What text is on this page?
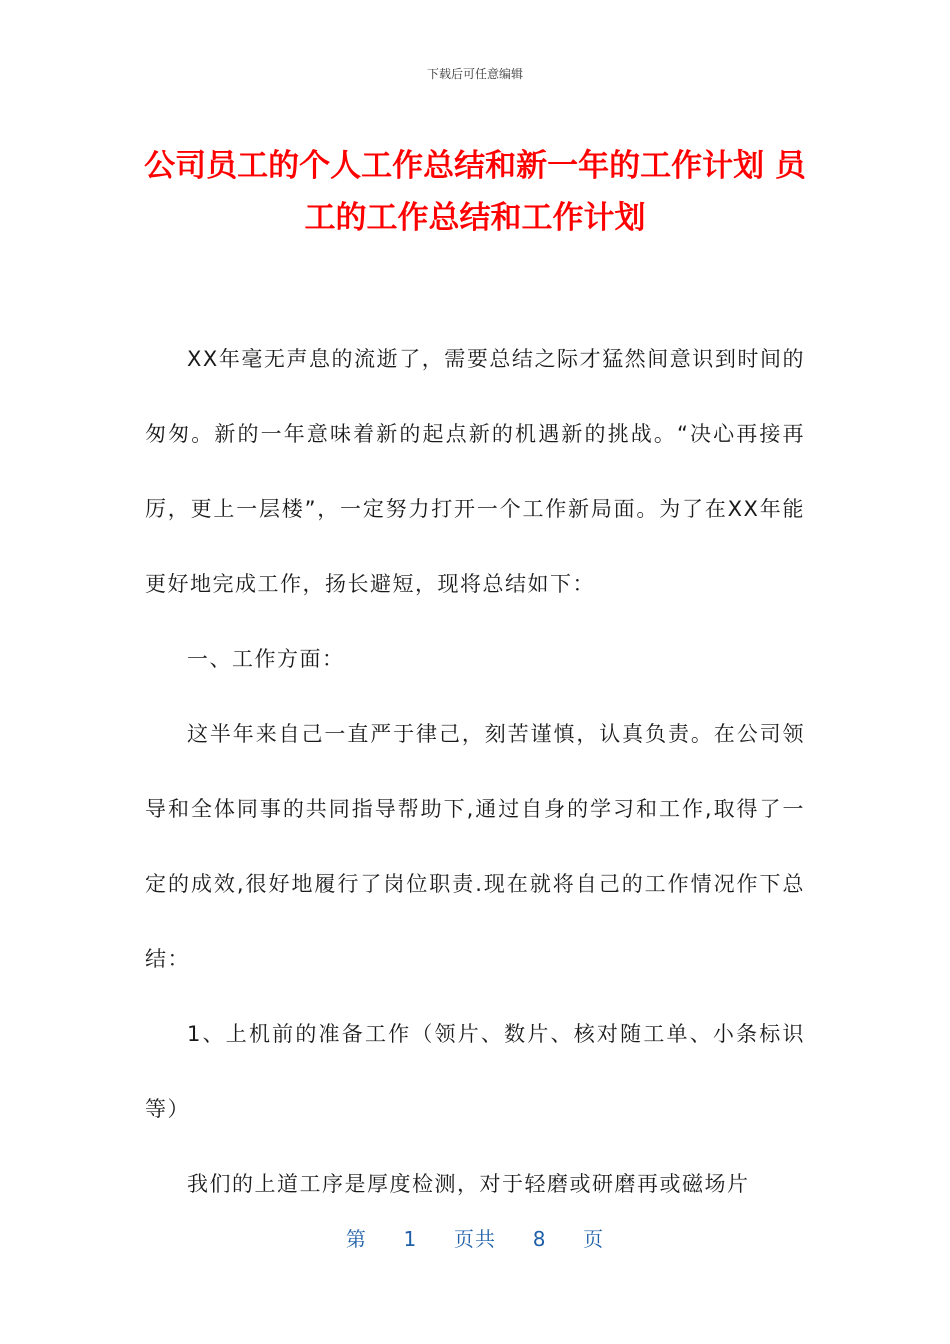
下载后可任意编辑
公司员工的个人工作总结和新一年的工作计划 员工的工作总结和工作计划

XX年毫无声息的流逝了，需要总结之际才猛然间意识到时间的匆匆。新的一年意味着新的起点新的机遇新的挑战。“决心再接再厉，更上一层楼”，一定努力打开一个工作新局面。为了在XX年能更好地完成工作，扬长避短，现将总结如下：

一、工作方面：

这半年来自己一直严于律己，刻苦谨慎，认真负责。在公司领导和全体同事的共同指导帮助下,通过自身的学习和工作,取得了一定的成效,很好地履行了岗位职责.现在就将自己的工作情况作下总结：

1、上机前的准备工作（领片、数片、核对随工单、小条标识等）

我们的上道工序是厚度检测，对于轻磨或研磨再或磁场片

第 1 页共 8 页
